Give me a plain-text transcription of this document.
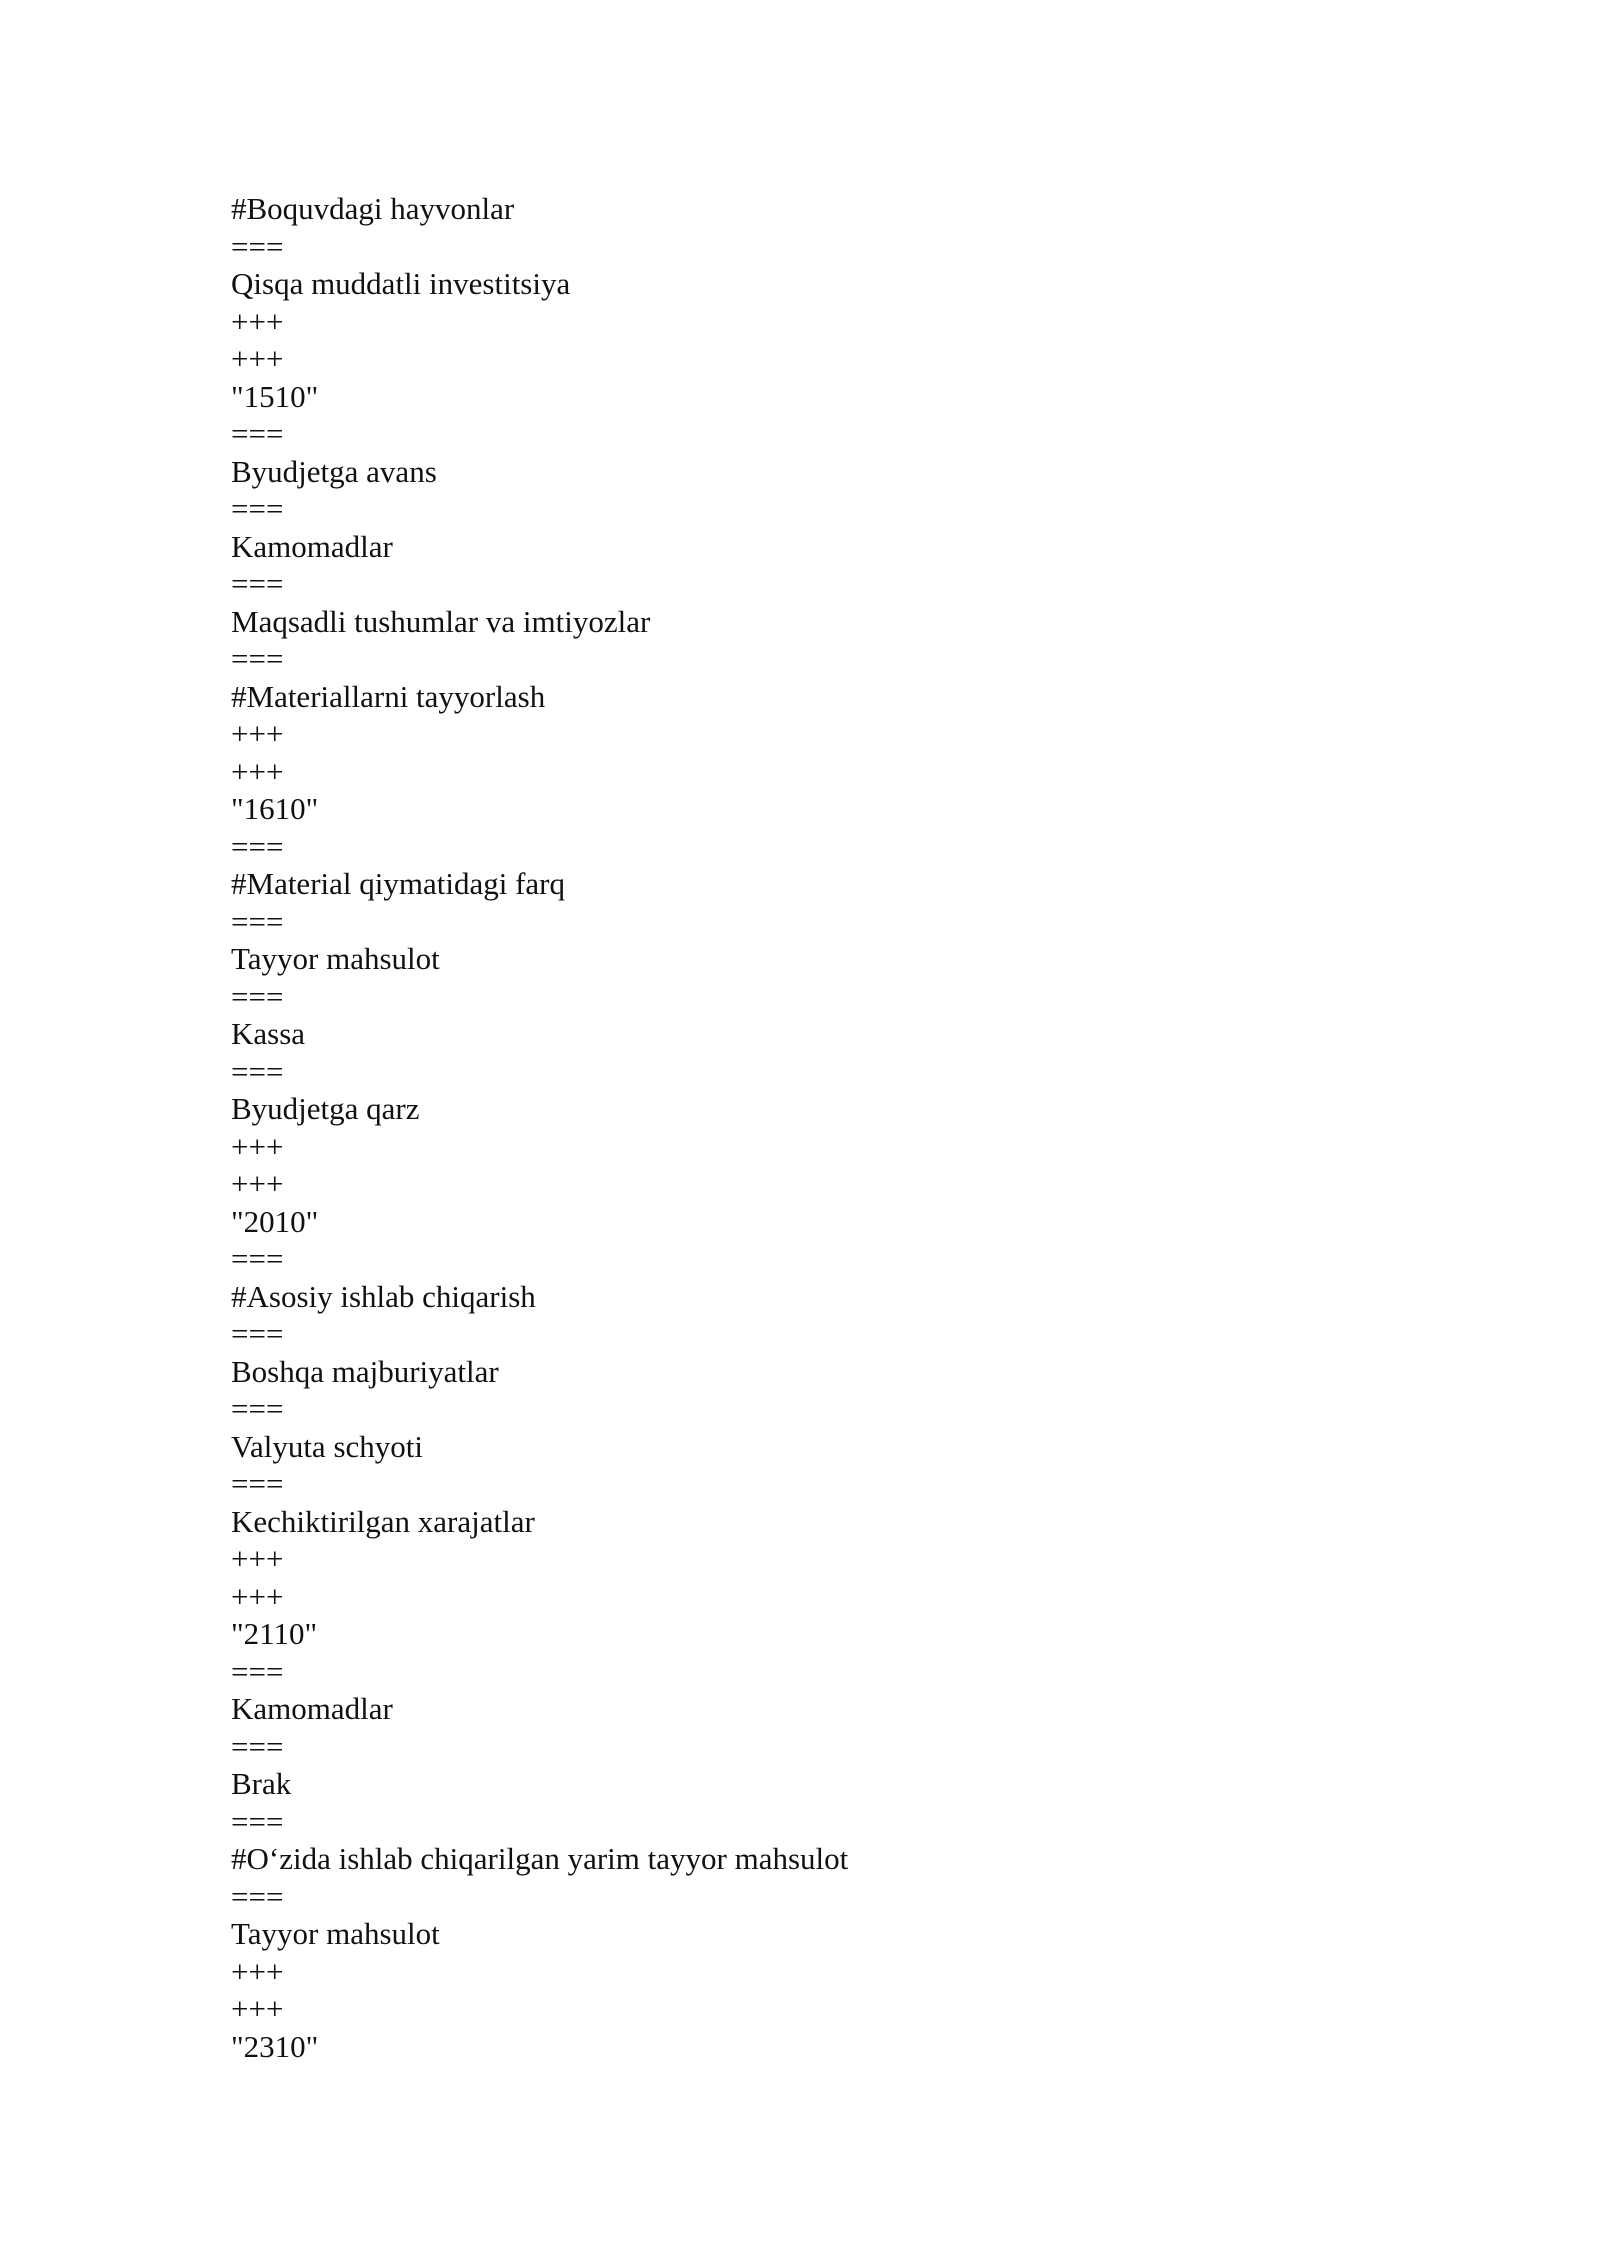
#Boquvdagi hayvonlar
===
Qisqa muddatli investitsiya
+++
+++
"1510"
===
Byudjetga avans
===
Kamomadlar
===
Maqsadli tushumlar va imtiyozlar
===
#Materiallarni tayyorlash
+++
+++
"1610"
===
#Material qiymatidagi farq
===
Tayyor mahsulot
===
Kassa
===
Byudjetga qarz
+++
+++
"2010"
===
#Asosiy ishlab chiqarish
===
Boshqa majburiyatlar
===
Valyuta schyoti
===
Kechiktirilgan xarajatlar
+++
+++
"2110"
===
Kamomadlar
===
Brak
===
#O‘zida ishlab chiqarilgan yarim tayyor mahsulot
===
Tayyor mahsulot
+++
+++
"2310"
